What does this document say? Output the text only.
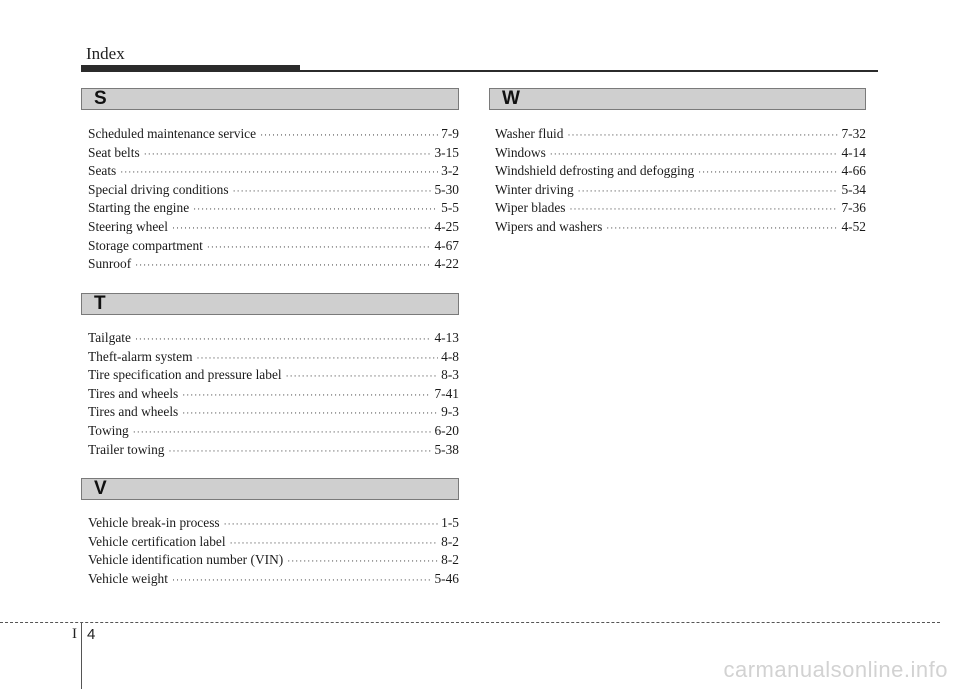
Index
S
Scheduled maintenance service ·····	7-9
Seat belts ·····	3-15
Seats ·····	3-2
Special driving conditions ·····	5-30
Starting the engine ·····	5-5
Steering wheel ·····	4-25
Storage compartment ·····	4-67
Sunroof ·····	4-22
T
Tailgate ·····	4-13
Theft-alarm system ·····	4-8
Tire specification and pressure label ·····	8-3
Tires and wheels ·····	7-41
Tires and wheels ·····	9-3
Towing ·····	6-20
Trailer towing ·····	5-38
V
Vehicle break-in process ·····	1-5
Vehicle certification label ·····	8-2
Vehicle identification number (VIN) ·····	8-2
Vehicle weight ·····	5-46
W
Washer fluid ·····	7-32
Windows ·····	4-14
Windshield defrosting and defogging ·····	4-66
Winter driving ·····	5-34
Wiper blades ·····	7-36
Wipers and washers ·····	4-52
I 4
carmanualsonline.info
